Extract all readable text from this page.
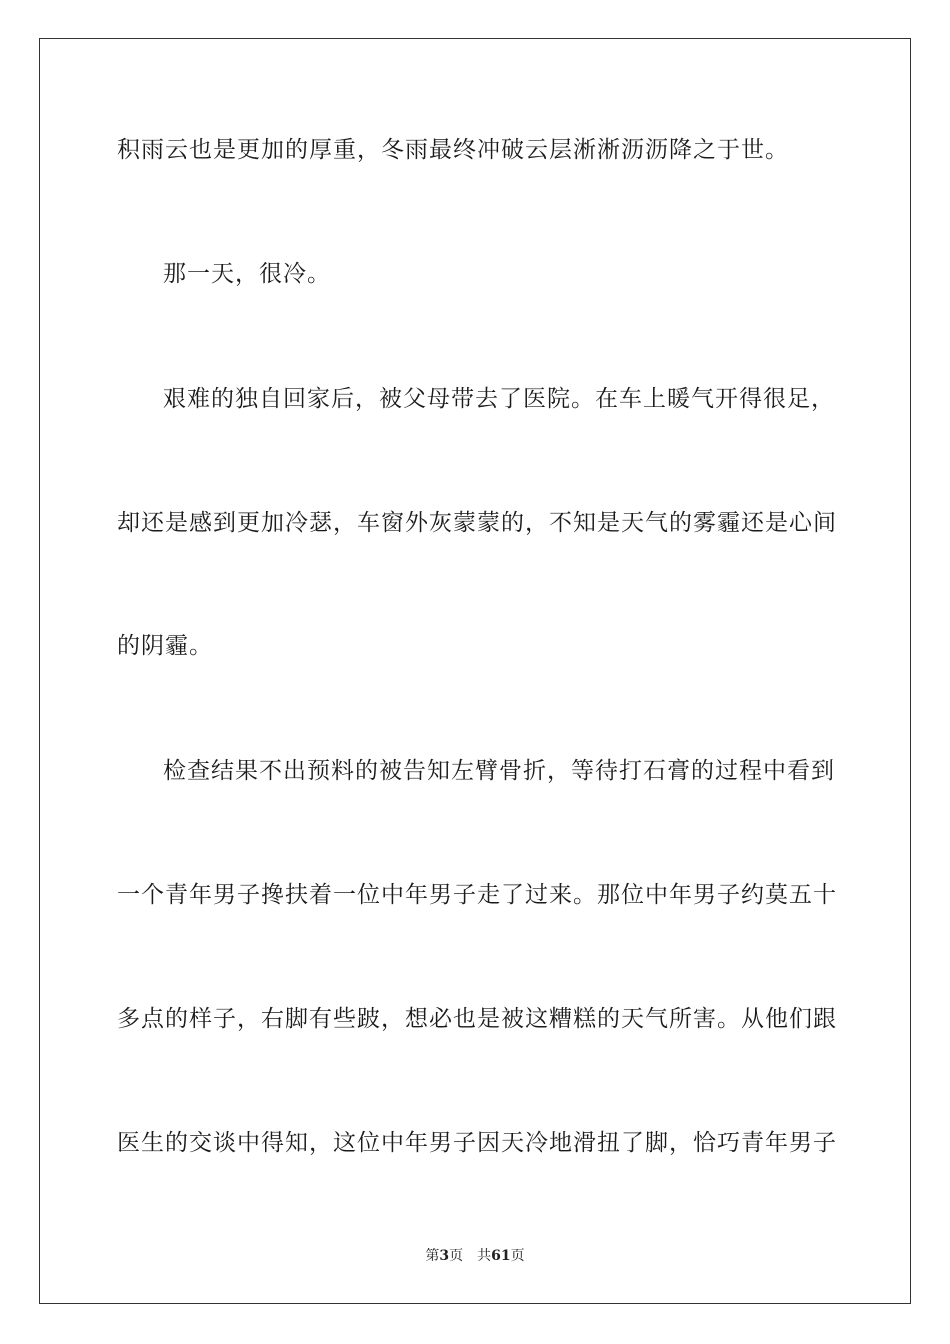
积雨云也是更加的厚重，冬雨最终冲破云层淅淅沥沥降之于世。
那一天，很冷。
艰难的独自回家后，被父母带去了医院。在车上暖气开得很足，
却还是感到更加冷瑟，车窗外灰蒙蒙的，不知是天气的雾霾还是心间
的阴霾。
检查结果不出预料的被告知左臂骨折，等待打石膏的过程中看到
一个青年男子搀扶着一位中年男子走了过来。那位中年男子约莫五十
多点的样子，右脚有些跛，想必也是被这糟糕的天气所害。从他们跟
医生的交谈中得知，这位中年男子因天冷地滑扭了脚，恰巧青年男子
第3页 共61页
